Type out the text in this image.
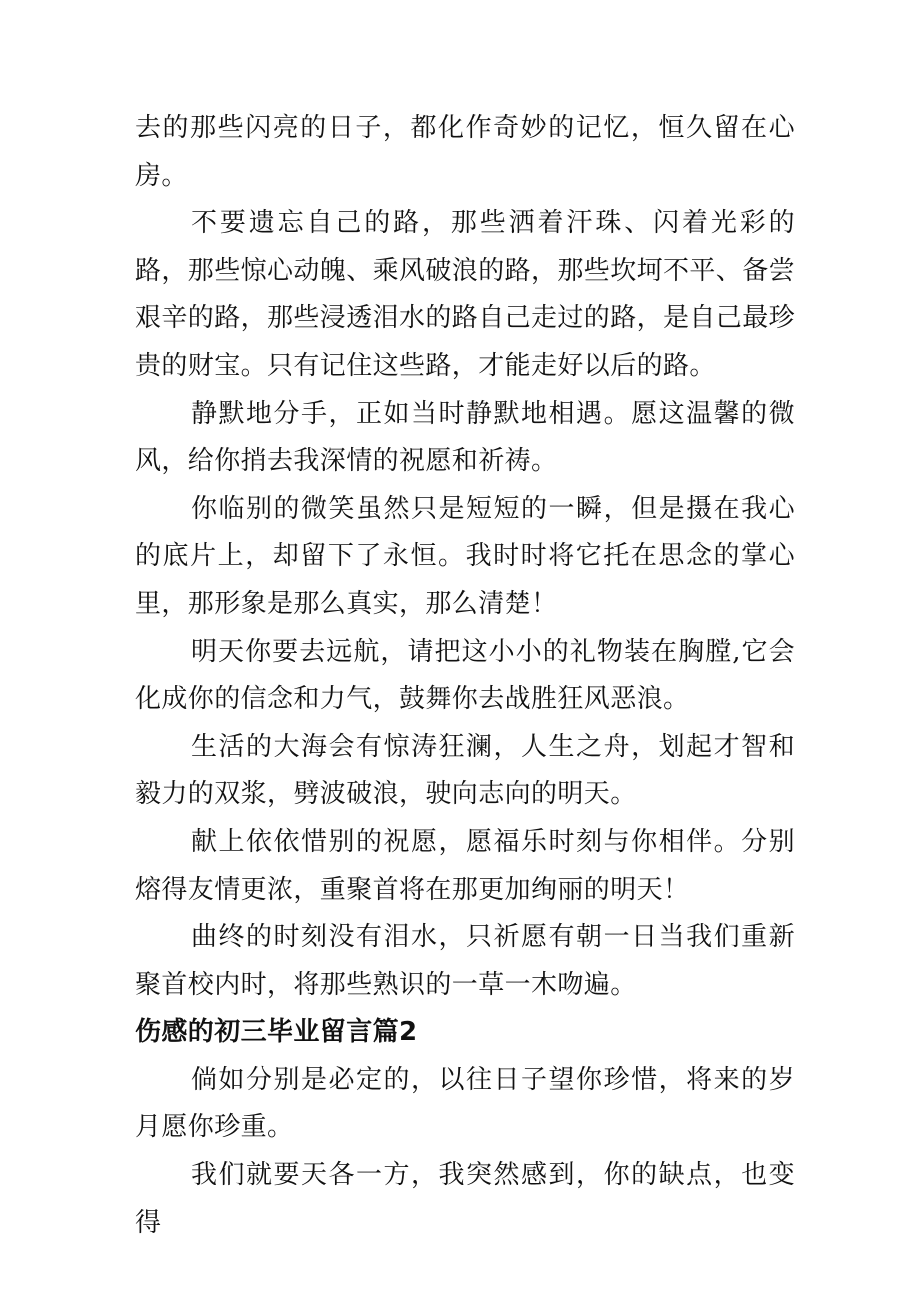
去的那些闪亮的日子，都化作奇妙的记忆，恒久留在心房。

不要遗忘自己的路，那些洒着汗珠、闪着光彩的路，那些惊心动魄、乘风破浪的路，那些坎坷不平、备尝艰辛的路，那些浸透泪水的路自己走过的路，是自己最珍贵的财宝。只有记住这些路，才能走好以后的路。

静默地分手，正如当时静默地相遇。愿这温馨的微风，给你捎去我深情的祝愿和祈祷。

你临别的微笑虽然只是短短的一瞬，但是摄在我心的底片上，却留下了永恒。我时时将它托在思念的掌心里，那形象是那么真实，那么清楚！

明天你要去远航，请把这小小的礼物装在胸膛,它会化成你的信念和力气，鼓舞你去战胜狂风恶浪。

生活的大海会有惊涛狂澜，人生之舟，划起才智和毅力的双浆，劈波破浪，驶向志向的明天。

献上依依惜别的祝愿，愿福乐时刻与你相伴。分别熔得友情更浓，重聚首将在那更加绚丽的明天！

曲终的时刻没有泪水，只祈愿有朝一日当我们重新聚首校内时，将那些熟识的一草一木吻遍。

伤感的初三毕业留言篇2

倘如分别是必定的，以往日子望你珍惜，将来的岁月愿你珍重。

我们就要天各一方，我突然感到，你的缺点，也变得
